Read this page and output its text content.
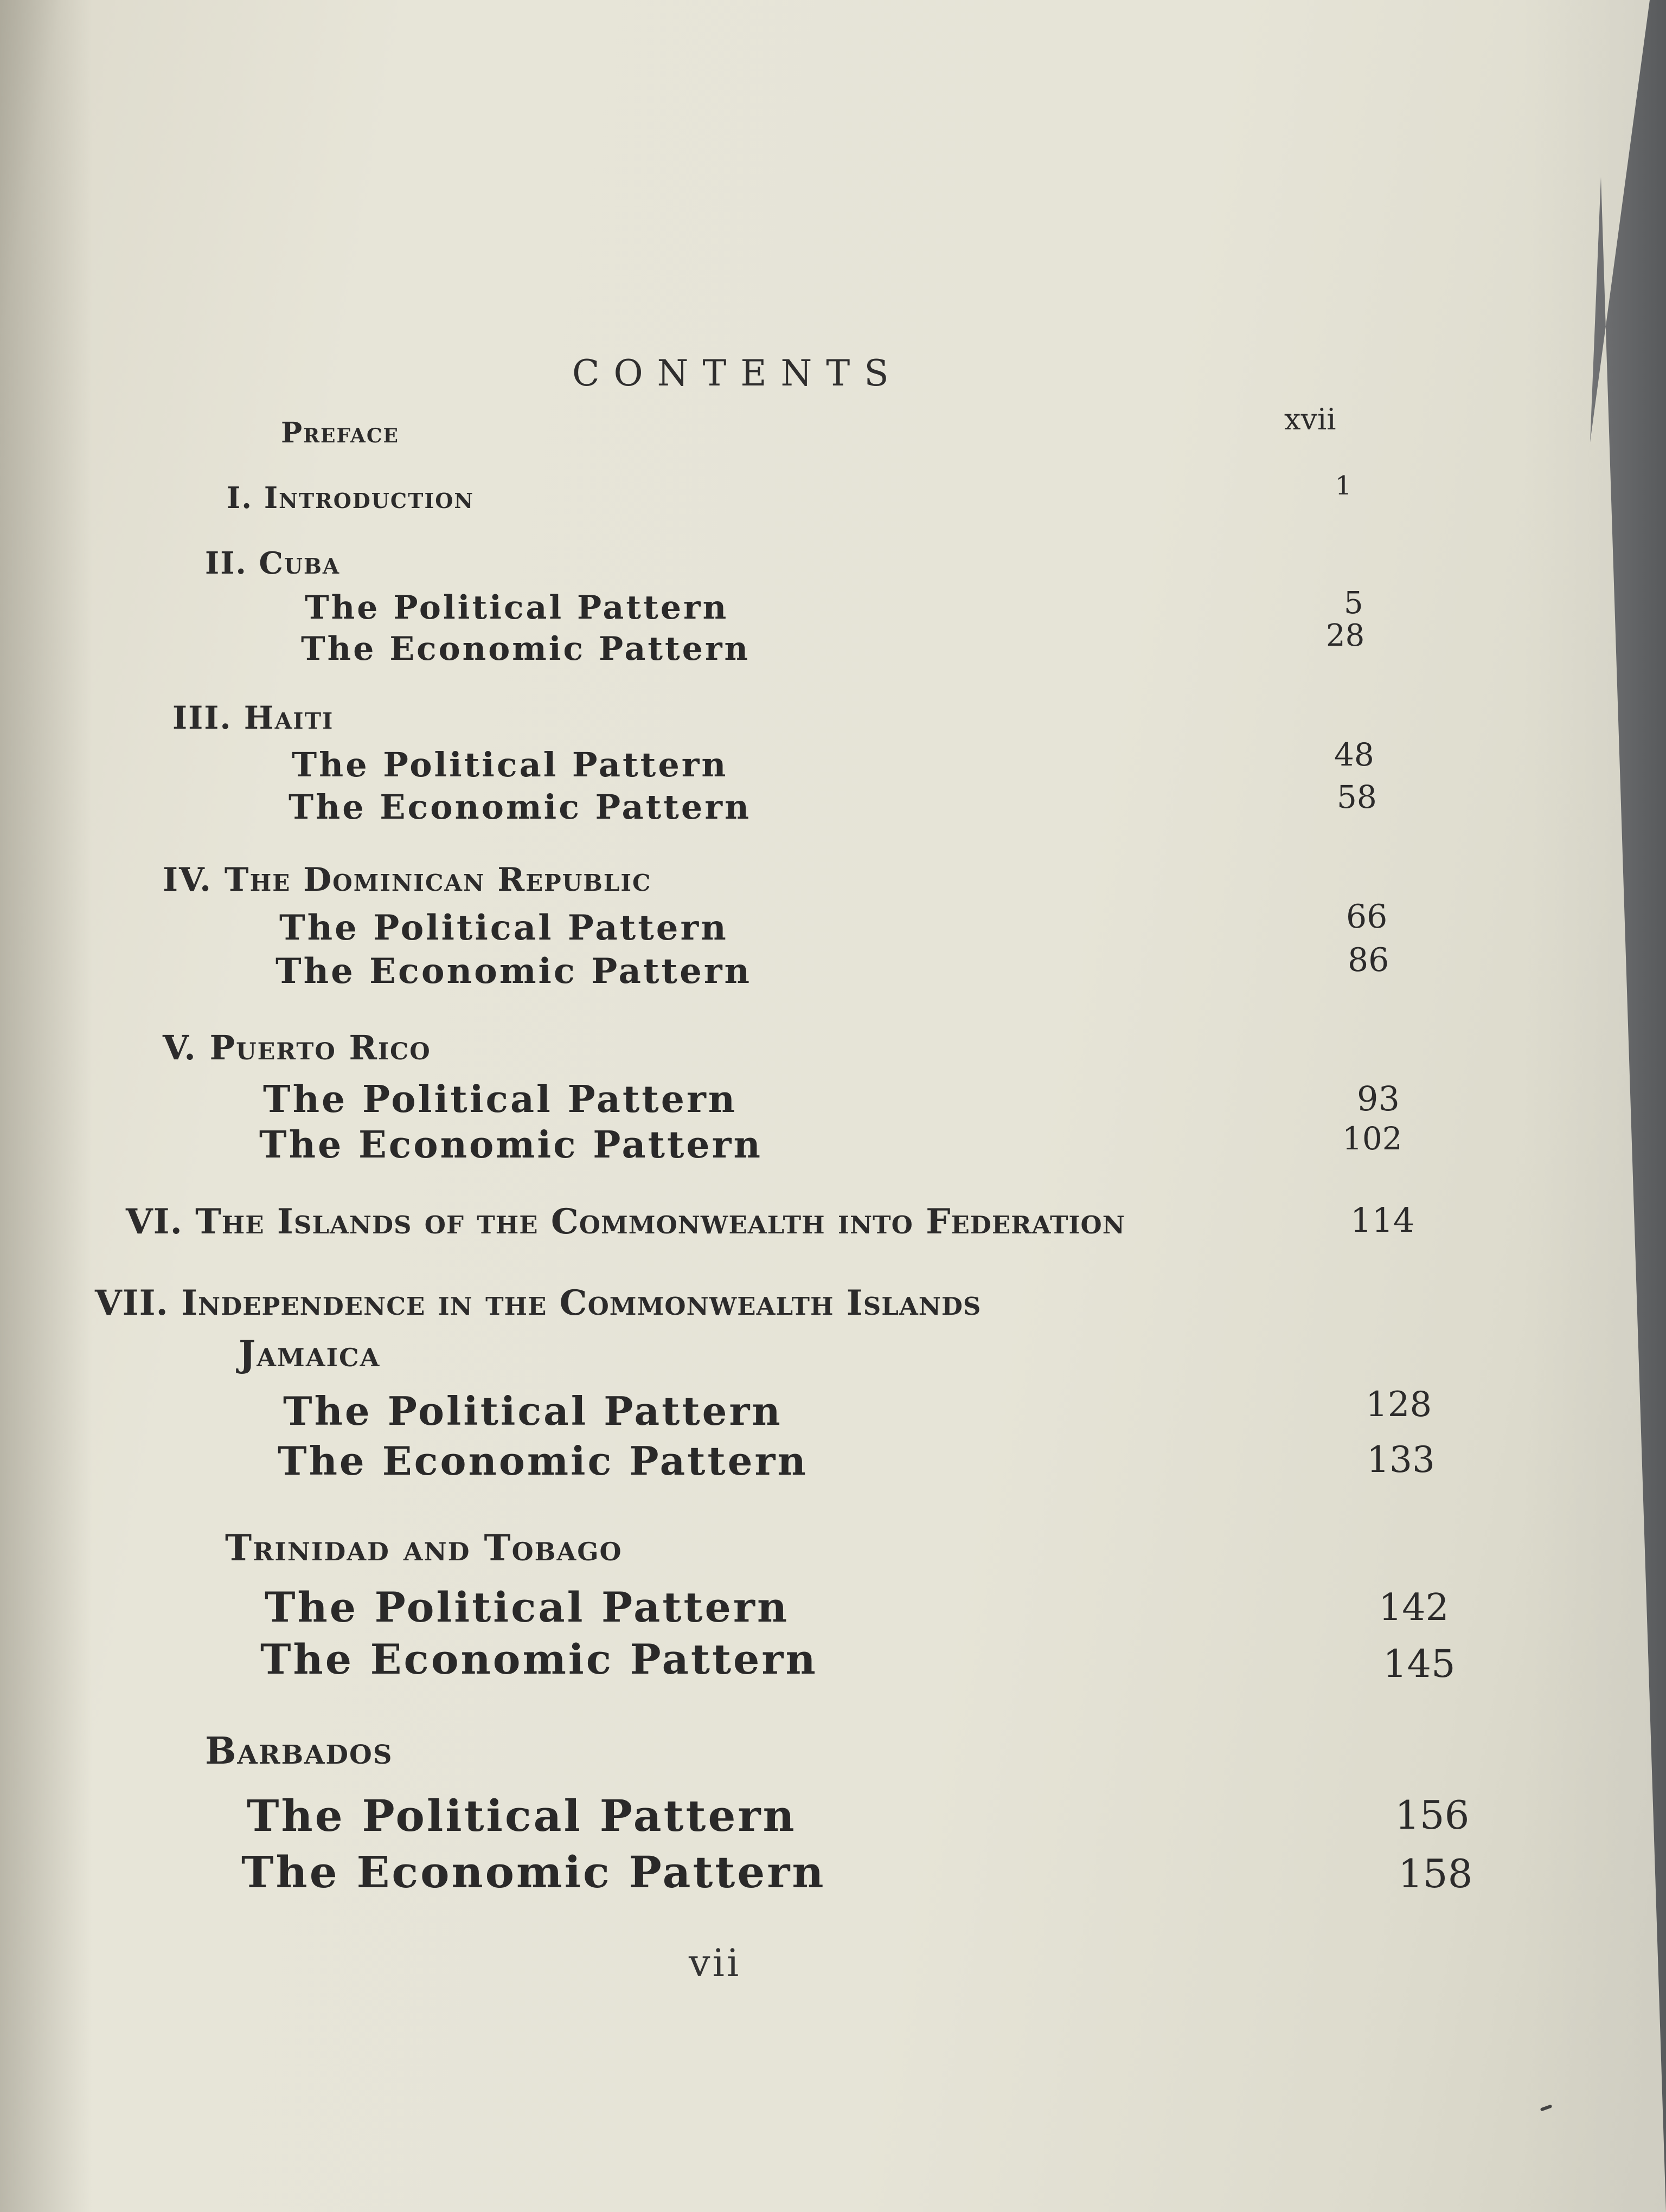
CONTENTS
Preface	xvii
I. Introduction	1
II. Cuba
The Political Pattern	5
The Economic Pattern	28
III. Haiti
The Political Pattern	48
The Economic Pattern	58
IV. The Dominican Republic
The Political Pattern	66
The Economic Pattern	86
V. Puerto Rico
The Political Pattern	93
The Economic Pattern	102
VI. The Islands of the Commonwealth into Federation	114
VII. Independence in the Commonwealth Islands
Jamaica
The Political Pattern	128
The Economic Pattern	133
Trinidad and Tobago
The Political Pattern	142
The Economic Pattern	145
Barbados
The Political Pattern	156
The Economic Pattern	158
vii
